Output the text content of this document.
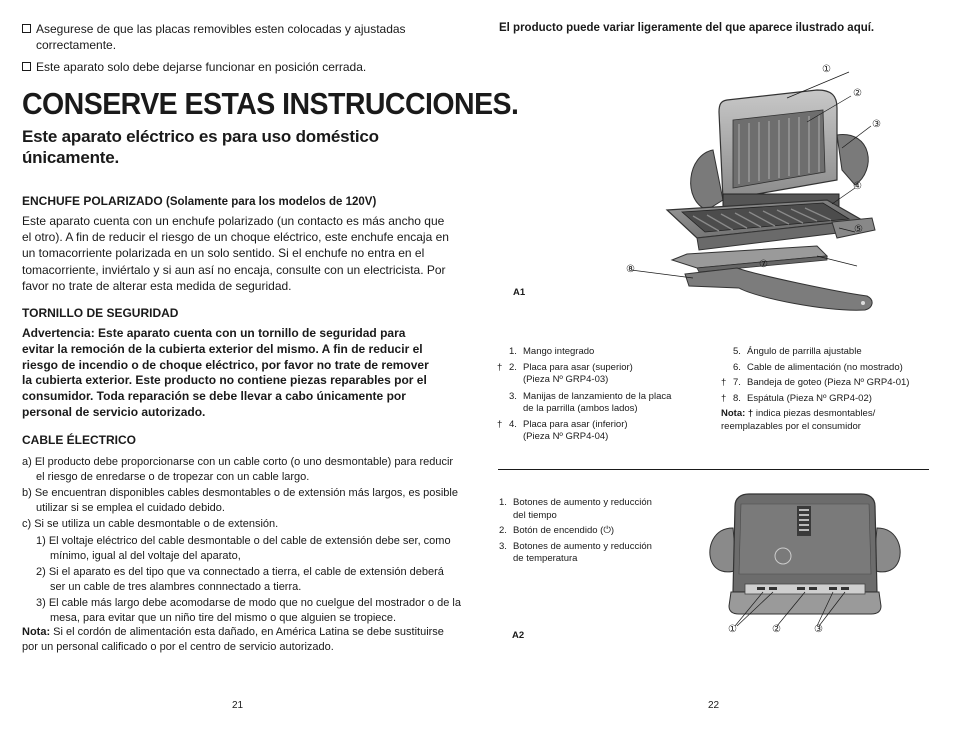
Asegurese de que las placas removibles esten colocadas y ajustadas correctamente.
Este aparato solo debe dejarse funcionar en posición cerrada.
CONSERVE ESTAS INSTRUCCIONES.
Este aparato eléctrico es para uso doméstico únicamente.
ENCHUFE POLARIZADO (Solamente para los modelos de 120V)
Este aparato cuenta con un enchufe polarizado (un contacto es más ancho que el otro). A fin de reducir el riesgo de un choque eléctrico, este enchufe encaja en un tomacorriente polarizada en un solo sentido. Si el enchufe no entra en el tomacorriente, inviértalo y si aun así no encaja, consulte con un electricista. Por favor no trate de alterar esta medida de seguridad.
TORNILLO DE SEGURIDAD
Advertencia: Este aparato cuenta con un tornillo de seguridad para evitar la remoción de la cubierta exterior del mismo. A fin de reducir el riesgo de incendio o de choque eléctrico, por favor no trate de remover la cubierta exterior. Este producto no contiene piezas reparables por el consumidor. Toda reparación se debe llevar a cabo únicamente por personal de servicio autorizado.
CABLE ÉLECTRICO
a) El producto debe proporcionarse con un cable corto (o uno desmontable) para reducir el riesgo de enredarse o de tropezar con un cable largo.
b) Se encuentran disponibles cables desmontables o de extensión más largos, es posible utilizar si se emplea el cuidado debido.
c) Si se utiliza un cable desmontable o de extensión.
1) El voltaje eléctrico del cable desmontable o del cable de extensión debe ser, como mínimo, igual al del voltaje del aparato,
2) Si el aparato es del tipo que va connectado a tierra, el cable de extensión deberá ser un cable de tres alambres connnectado a tierra.
3) El cable más largo debe acomodarse de modo que no cuelgue del mostrador o de la mesa, para evitar que un niño tire del mismo o que alguien se tropiece.
Nota: Si el cordón de alimentación esta dañado, en América Latina se debe sustituirse por un personal calificado o por el centro de servicio autorizado.
21
El producto puede variar ligeramente del que aparece ilustrado aquí.
①
②
③
④
⑤
⑦
⑧
A1
1. Mango integrado
† 2. Placa para asar (superior)
(Pieza Nº GRP4-03)
3. Manijas de lanzamiento de la placa
de la parrilla (ambos lados)
† 4. Placa para asar (inferior)
(Pieza Nº GRP4-04)
5. Ángulo de parrilla ajustable
6. Cable de alimentación (no mostrado)
† 7. Bandeja de goteo (Pieza Nº GRP4-01)
† 8. Espátula (Pieza Nº GRP4-02)
Nota: † indica piezas desmontables/ reemplazables por el consumidor
1. Botones de aumento y reducción
del tiempo
2. Botón de encendido (⏻)
3. Botones de aumento y reducción
de temperatura
①	②	③
A2
22
